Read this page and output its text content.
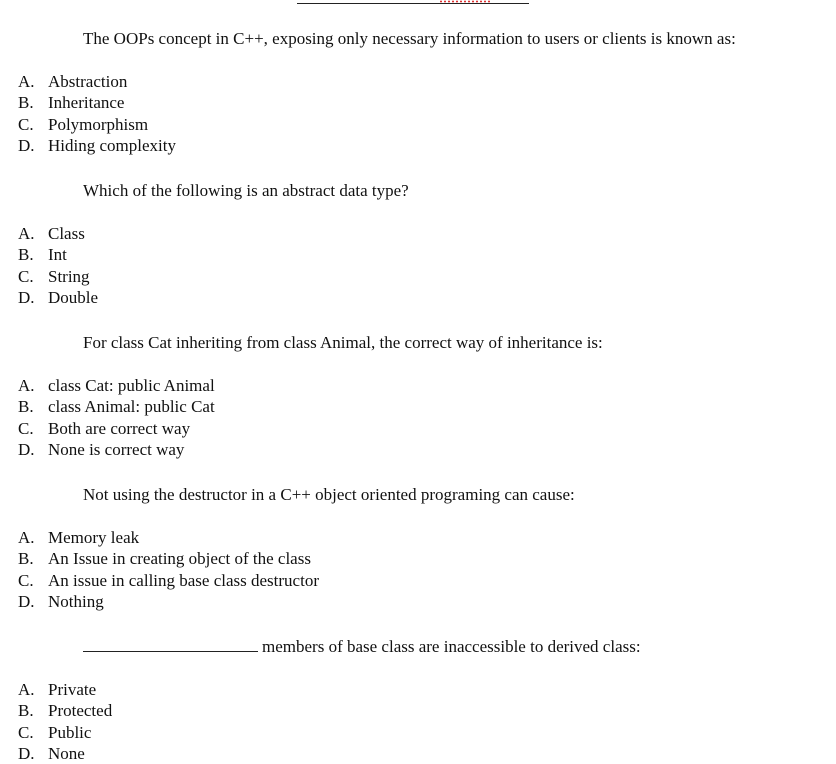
The OOPs concept in C++, exposing only necessary information to users or clients is known as:
A. Abstraction
B. Inheritance
C. Polymorphism
D. Hiding complexity
Which of the following is an abstract data type?
A. Class
B. Int
C. String
D. Double
For class Cat inheriting from class Animal, the correct way of inheritance is:
A. class Cat: public Animal
B. class Animal: public Cat
C. Both are correct way
D. None is correct way
Not using the destructor in a C++ object oriented programing can cause:
A. Memory leak
B. An Issue in creating object of the class
C. An issue in calling base class destructor
D. Nothing
members of base class are inaccessible to derived class:
A. Private
B. Protected
C. Public
D. None
